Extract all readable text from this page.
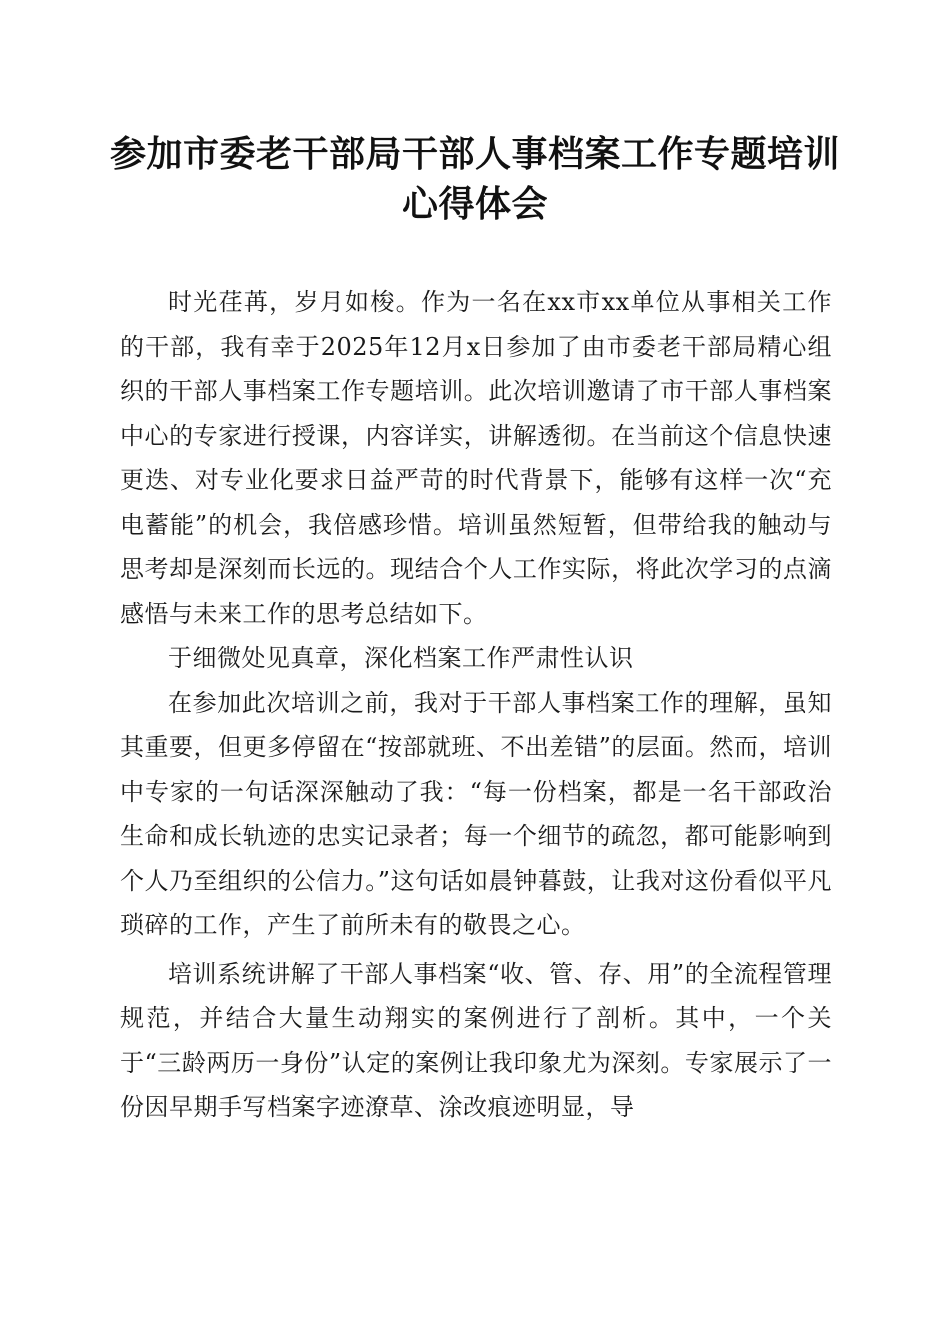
参加市委老干部局干部人事档案工作专题培训心得体会

时光荏苒，岁月如梭。作为一名在xx市xx单位从事相关工作的干部，我有幸于2025年12月x日参加了由市委老干部局精心组织的干部人事档案工作专题培训。此次培训邀请了市干部人事档案中心的专家进行授课，内容详实，讲解透彻。在当前这个信息快速更迭、对专业化要求日益严苛的时代背景下，能够有这样一次“充电蓄能”的机会，我倍感珍惜。培训虽然短暂，但带给我的触动与思考却是深刻而长远的。现结合个人工作实际，将此次学习的点滴感悟与未来工作的思考总结如下。

于细微处见真章，深化档案工作严肃性认识

在参加此次培训之前，我对于干部人事档案工作的理解，虽知其重要，但更多停留在“按部就班、不出差错”的层面。然而，培训中专家的一句话深深触动了我：“每一份档案，都是一名干部政治生命和成长轨迹的忠实记录者；每一个细节的疏忽，都可能影响到个人乃至组织的公信力。”这句话如晨钟暮鼓，让我对这份看似平凡琐碎的工作，产生了前所未有的敬畏之心。

培训系统讲解了干部人事档案“收、管、存、用”的全流程管理规范，并结合大量生动翔实的案例进行了剖析。其中，一个关于“三龄两历一身份”认定的案例让我印象尤为深刻。专家展示了一份因早期手写档案字迹潦草、涂改痕迹明显，导
